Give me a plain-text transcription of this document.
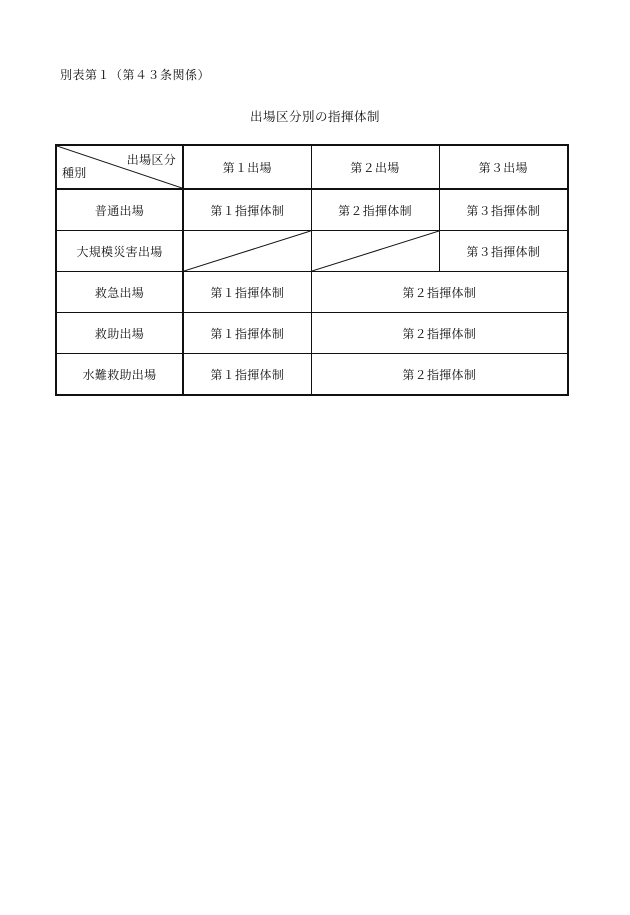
別表第１（第４３条関係）
出場区分別の指揮体制
出場区分
種別	第１出場	第２出場	第３出場
普通出場	第１指揮体制	第２指揮体制	第３指揮体制
大規模災害出場			第３指揮体制
救急出場	第１指揮体制	第２指揮体制	
救助出場	第１指揮体制	第２指揮体制	
水難救助出場	第１指揮体制	第２指揮体制	
